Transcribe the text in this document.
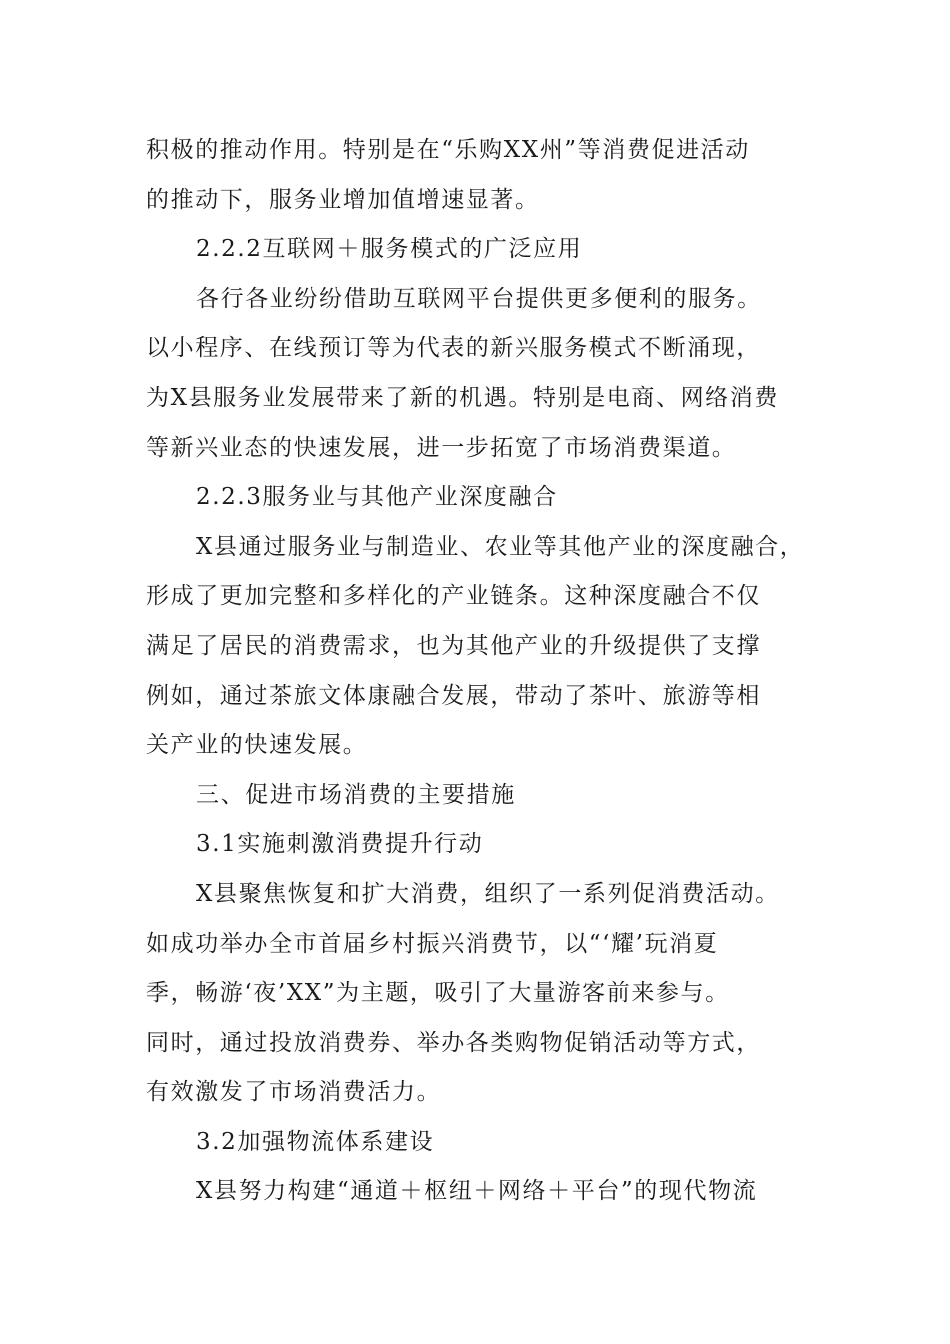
积极的推动作用。特别是在“乐购XX州”等消费促进活动
的推动下，服务业增加值增速显著。
2.2.2互联网＋服务模式的广泛应用
各行各业纷纷借助互联网平台提供更多便利的服务。
以小程序、在线预订等为代表的新兴服务模式不断涌现，
为X县服务业发展带来了新的机遇。特别是电商、网络消费
等新兴业态的快速发展，进一步拓宽了市场消费渠道。
2.2.3服务业与其他产业深度融合
X县通过服务业与制造业、农业等其他产业的深度融合，
形成了更加完整和多样化的产业链条。这种深度融合不仅
满足了居民的消费需求，也为其他产业的升级提供了支撑
例如，通过茶旅文体康融合发展，带动了茶叶、旅游等相
关产业的快速发展。
三、促进市场消费的主要措施
3.1实施刺激消费提升行动
X县聚焦恢复和扩大消费，组织了一系列促消费活动。
如成功举办全市首届乡村振兴消费节，以“‘耀’玩消夏
季，畅游‘夜’XX”为主题，吸引了大量游客前来参与。
同时，通过投放消费券、举办各类购物促销活动等方式，
有效激发了市场消费活力。
3.2加强物流体系建设
X县努力构建“通道＋枢纽＋网络＋平台”的现代物流
